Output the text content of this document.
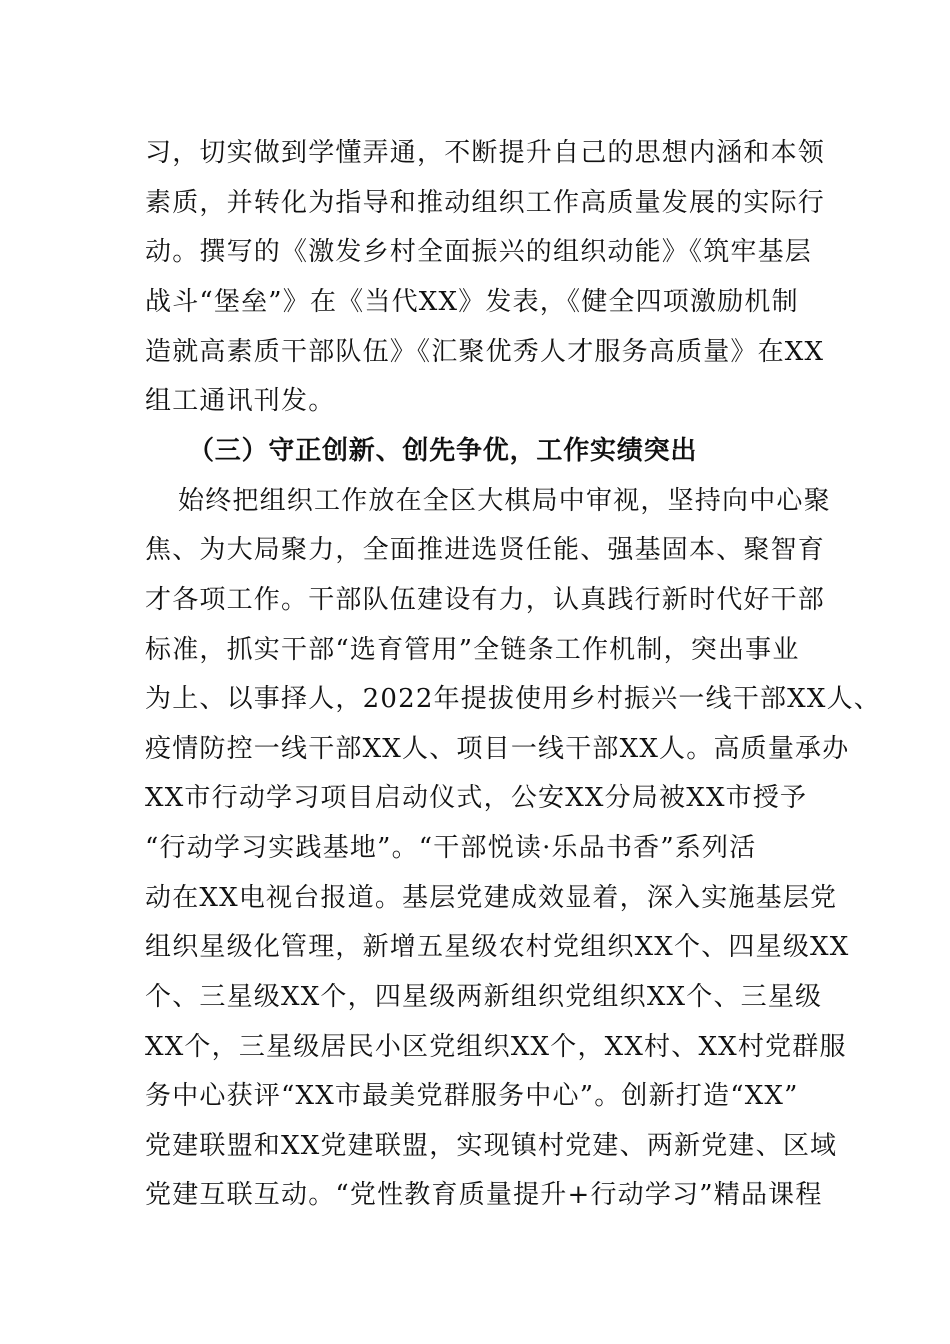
习，切实做到学懂弄通，不断提升自己的思想内涵和本领
素质，并转化为指导和推动组织工作高质量发展的实际行
动。撰写的《激发乡村全面振兴的组织动能》《筑牢基层
战斗“堡垒”》在《当代XX》发表，《健全四项激励机制
造就高素质干部队伍》《汇聚优秀人才服务高质量》在XX
组工通讯刊发。
（三）守正创新、创先争优，工作实绩突出
始终把组织工作放在全区大棋局中审视，坚持向中心聚
焦、为大局聚力，全面推进选贤任能、强基固本、聚智育
才各项工作。干部队伍建设有力，认真践行新时代好干部
标准，抓实干部“选育管用”全链条工作机制，突出事业
为上、以事择人，2022年提拔使用乡村振兴一线干部XX人、
疫情防控一线干部XX人、项目一线干部XX人。高质量承办
XX市行动学习项目启动仪式，公安XX分局被XX市授予
“行动学习实践基地”。“干部悦读·乐品书香”系列活
动在XX电视台报道。基层党建成效显着，深入实施基层党
组织星级化管理，新增五星级农村党组织XX个、四星级XX
个、三星级XX个，四星级两新组织党组织XX个、三星级
XX个，三星级居民小区党组织XX个，XX村、XX村党群服
务中心获评“XX市最美党群服务中心”。创新打造“XX”
党建联盟和XX党建联盟，实现镇村党建、两新党建、区域
党建互联互动。“党性教育质量提升+行动学习”精品课程
